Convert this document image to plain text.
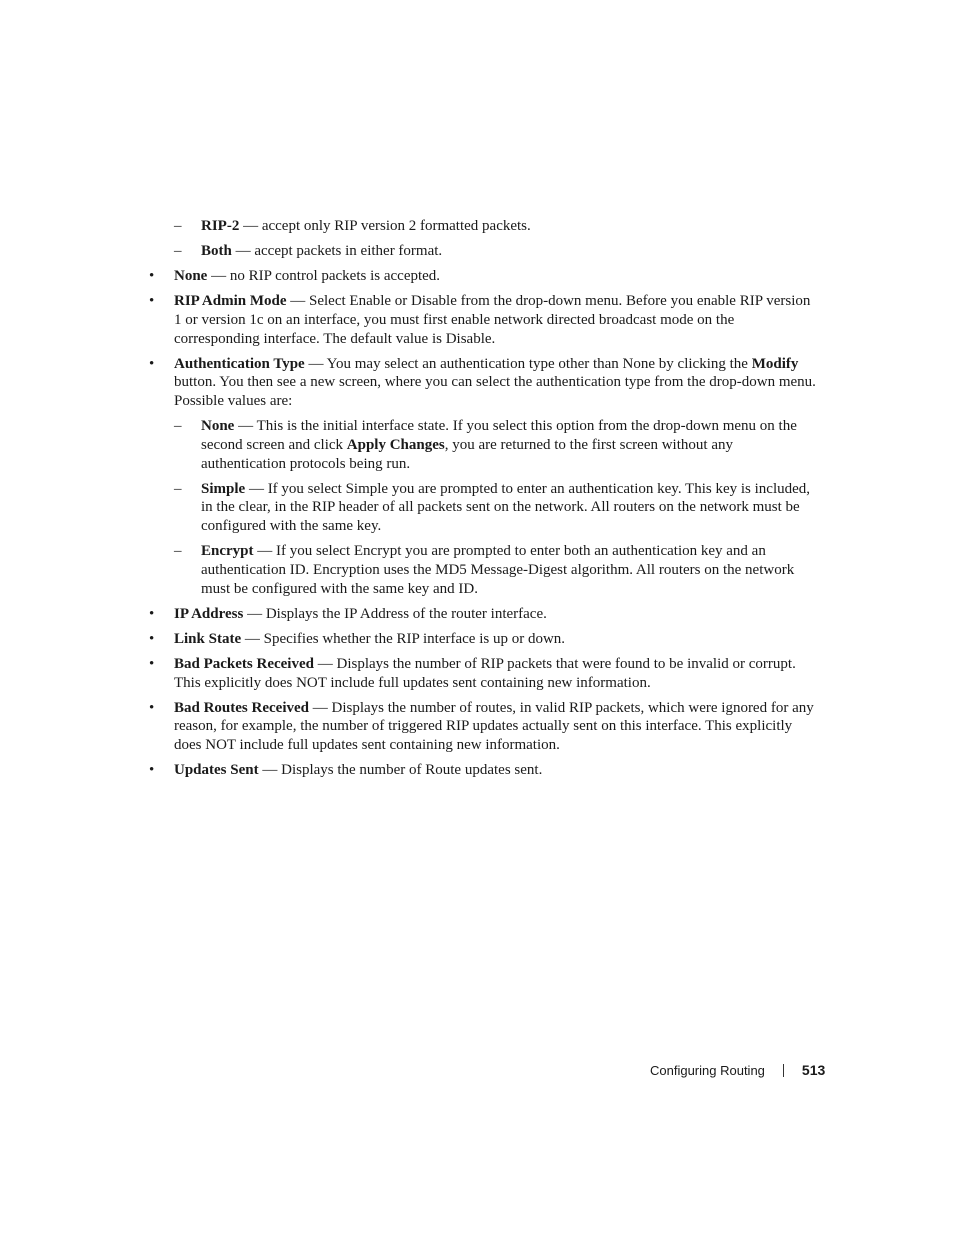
– RIP-2 — accept only RIP version 2 formatted packets.
– Both — accept packets in either format.
• None — no RIP control packets is accepted.
• RIP Admin Mode — Select Enable or Disable from the drop-down menu. Before you enable RIP version 1 or version 1c on an interface, you must first enable network directed broadcast mode on the corresponding interface. The default value is Disable.
• Authentication Type — You may select an authentication type other than None by clicking the Modify button. You then see a new screen, where you can select the authentication type from the drop-down menu. Possible values are:
– None — This is the initial interface state. If you select this option from the drop-down menu on the second screen and click Apply Changes, you are returned to the first screen without any authentication protocols being run.
– Simple — If you select Simple you are prompted to enter an authentication key. This key is included, in the clear, in the RIP header of all packets sent on the network. All routers on the network must be configured with the same key.
– Encrypt — If you select Encrypt you are prompted to enter both an authentication key and an authentication ID. Encryption uses the MD5 Message-Digest algorithm. All routers on the network must be configured with the same key and ID.
• IP Address — Displays the IP Address of the router interface.
• Link State — Specifies whether the RIP interface is up or down.
• Bad Packets Received — Displays the number of RIP packets that were found to be invalid or corrupt. This explicitly does NOT include full updates sent containing new information.
• Bad Routes Received — Displays the number of routes, in valid RIP packets, which were ignored for any reason, for example, the number of triggered RIP updates actually sent on this interface. This explicitly does NOT include full updates sent containing new information.
• Updates Sent — Displays the number of Route updates sent.
Configuring Routing	513
